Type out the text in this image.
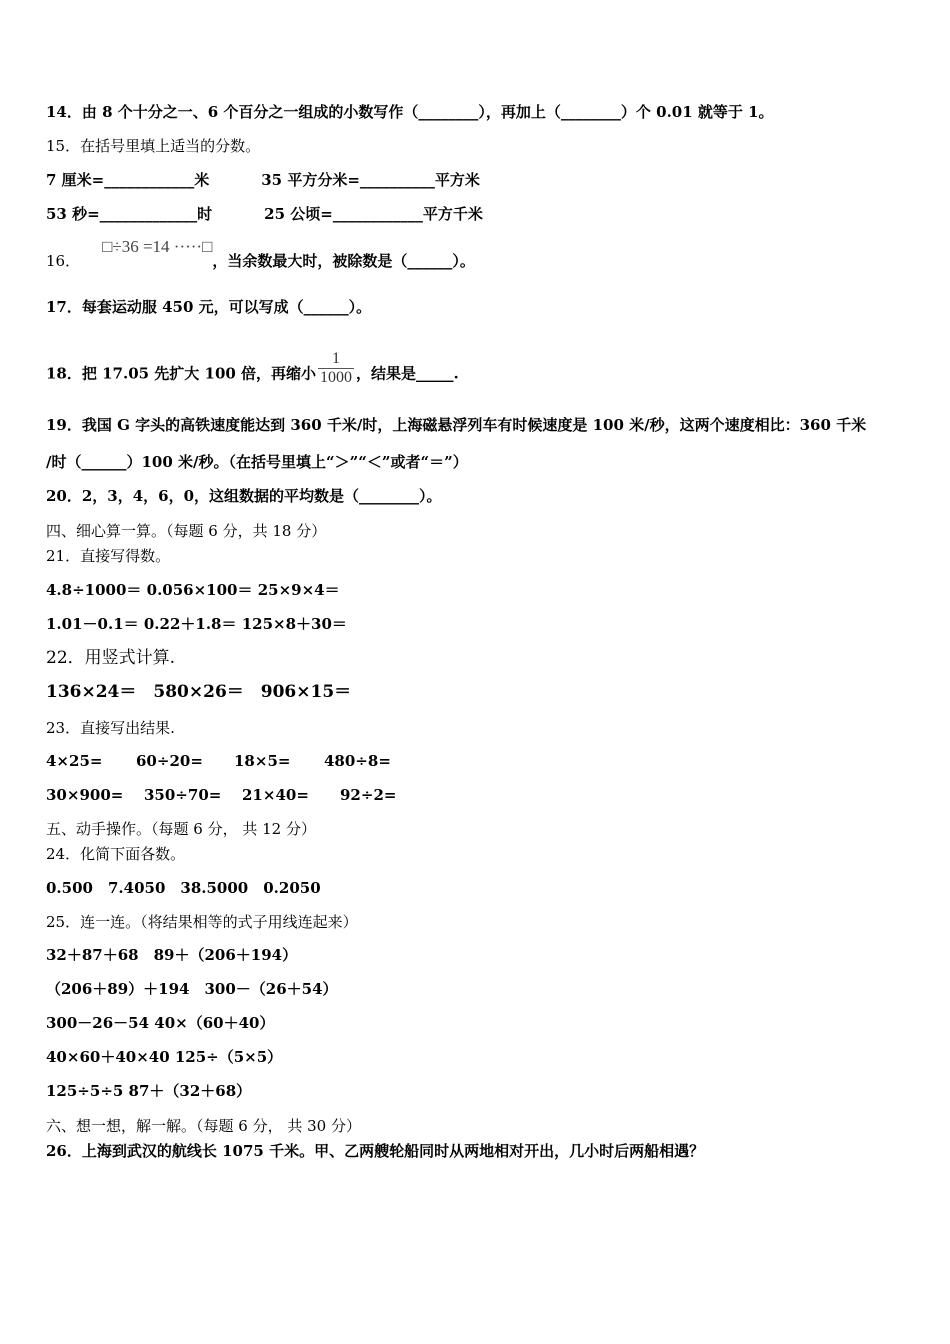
14．由 8 个十分之一、6 个百分之一组成的小数写作（________），再加上（________）个 0.01 就等于 1。
15．在括号里填上适当的分数。
7 厘米=____________米	35 平方分米=__________平方米
53 秒=_____________时	25 公顷=____________平方千米
16．□÷36 =14 ·····□，当余数最大时，被除数是（______）。
17．每套运动服 450 元，可以写成（______）。
18．把 17.05 先扩大 100 倍，再缩小 $\frac{1}{1000}$ ，结果是_____.
19．我国 G 字头的高铁速度能达到 360 千米/时，上海磁悬浮列车有时候速度是 100 米/秒，这两个速度相比：360 千米
/时（______）100 米/秒。（在括号里填上“＞”“＜”或者“＝”）
20．2，3，4，6，0，这组数据的平均数是（________）。
四、细心算一算。（每题 6 分，共 18 分）
21．直接写得数。
4.8÷1000＝ 0.056×100＝ 25×9×4＝
1.01－0.1＝ 0.22＋1.8＝ 125×8＋30＝
22．用竖式计算.
136×24＝　580×26＝　906×15＝
23．直接写出结果.
4×25= 60÷20= 18×5= 480÷8=
30×900= 350÷70= 21×40= 92÷2=
五、动手操作。（每题 6 分， 共 12 分）
24．化简下面各数。
0.500　7.4050　38.5000　0.2050
25．连一连。（将结果相等的式子用线连起来）
32＋87＋68　89＋（206＋194）
（206＋89）＋194　300－（26＋54）
300－26－54 40×（60＋40）
40×60＋40×40 125÷（5×5）
125÷5÷5 87＋（32＋68）
六、想一想，解一解。（每题 6 分， 共 30 分）
26．上海到武汉的航线长 1075 千米。甲、乙两艘轮船同时从两地相对开出，几小时后两船相遇？
